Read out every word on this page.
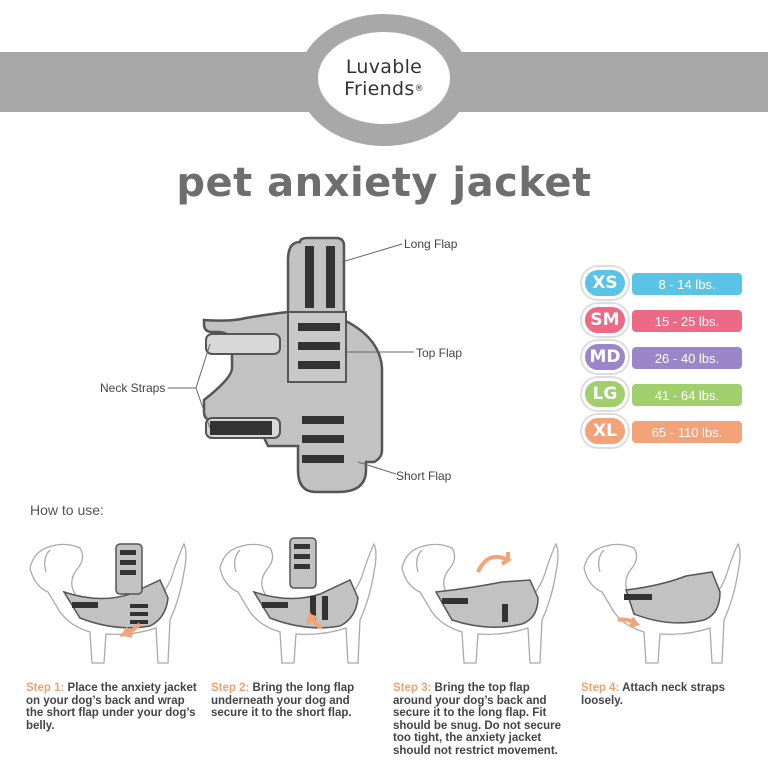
Luvable
Friends®
pet anxiety jacket
Long Flap
Top Flap
Neck Straps
Short Flap
XS	8 - 14 lbs.
SM	15 - 25 lbs.
MD	26 - 40 lbs.
LG	41 - 64 lbs.
XL	65 - 110 lbs.
How to use:
Step 1: Place the anxiety jacket on your dog’s back and wrap the short flap under your dog’s belly.
Step 2: Bring the long flap underneath your dog and secure it to the short flap.
Step 3: Bring the top flap around your dog’s back and secure it to the long flap. Fit should be snug. Do not secure too tight, the anxiety jacket should not restrict movement.
Step 4: Attach neck straps loosely.
